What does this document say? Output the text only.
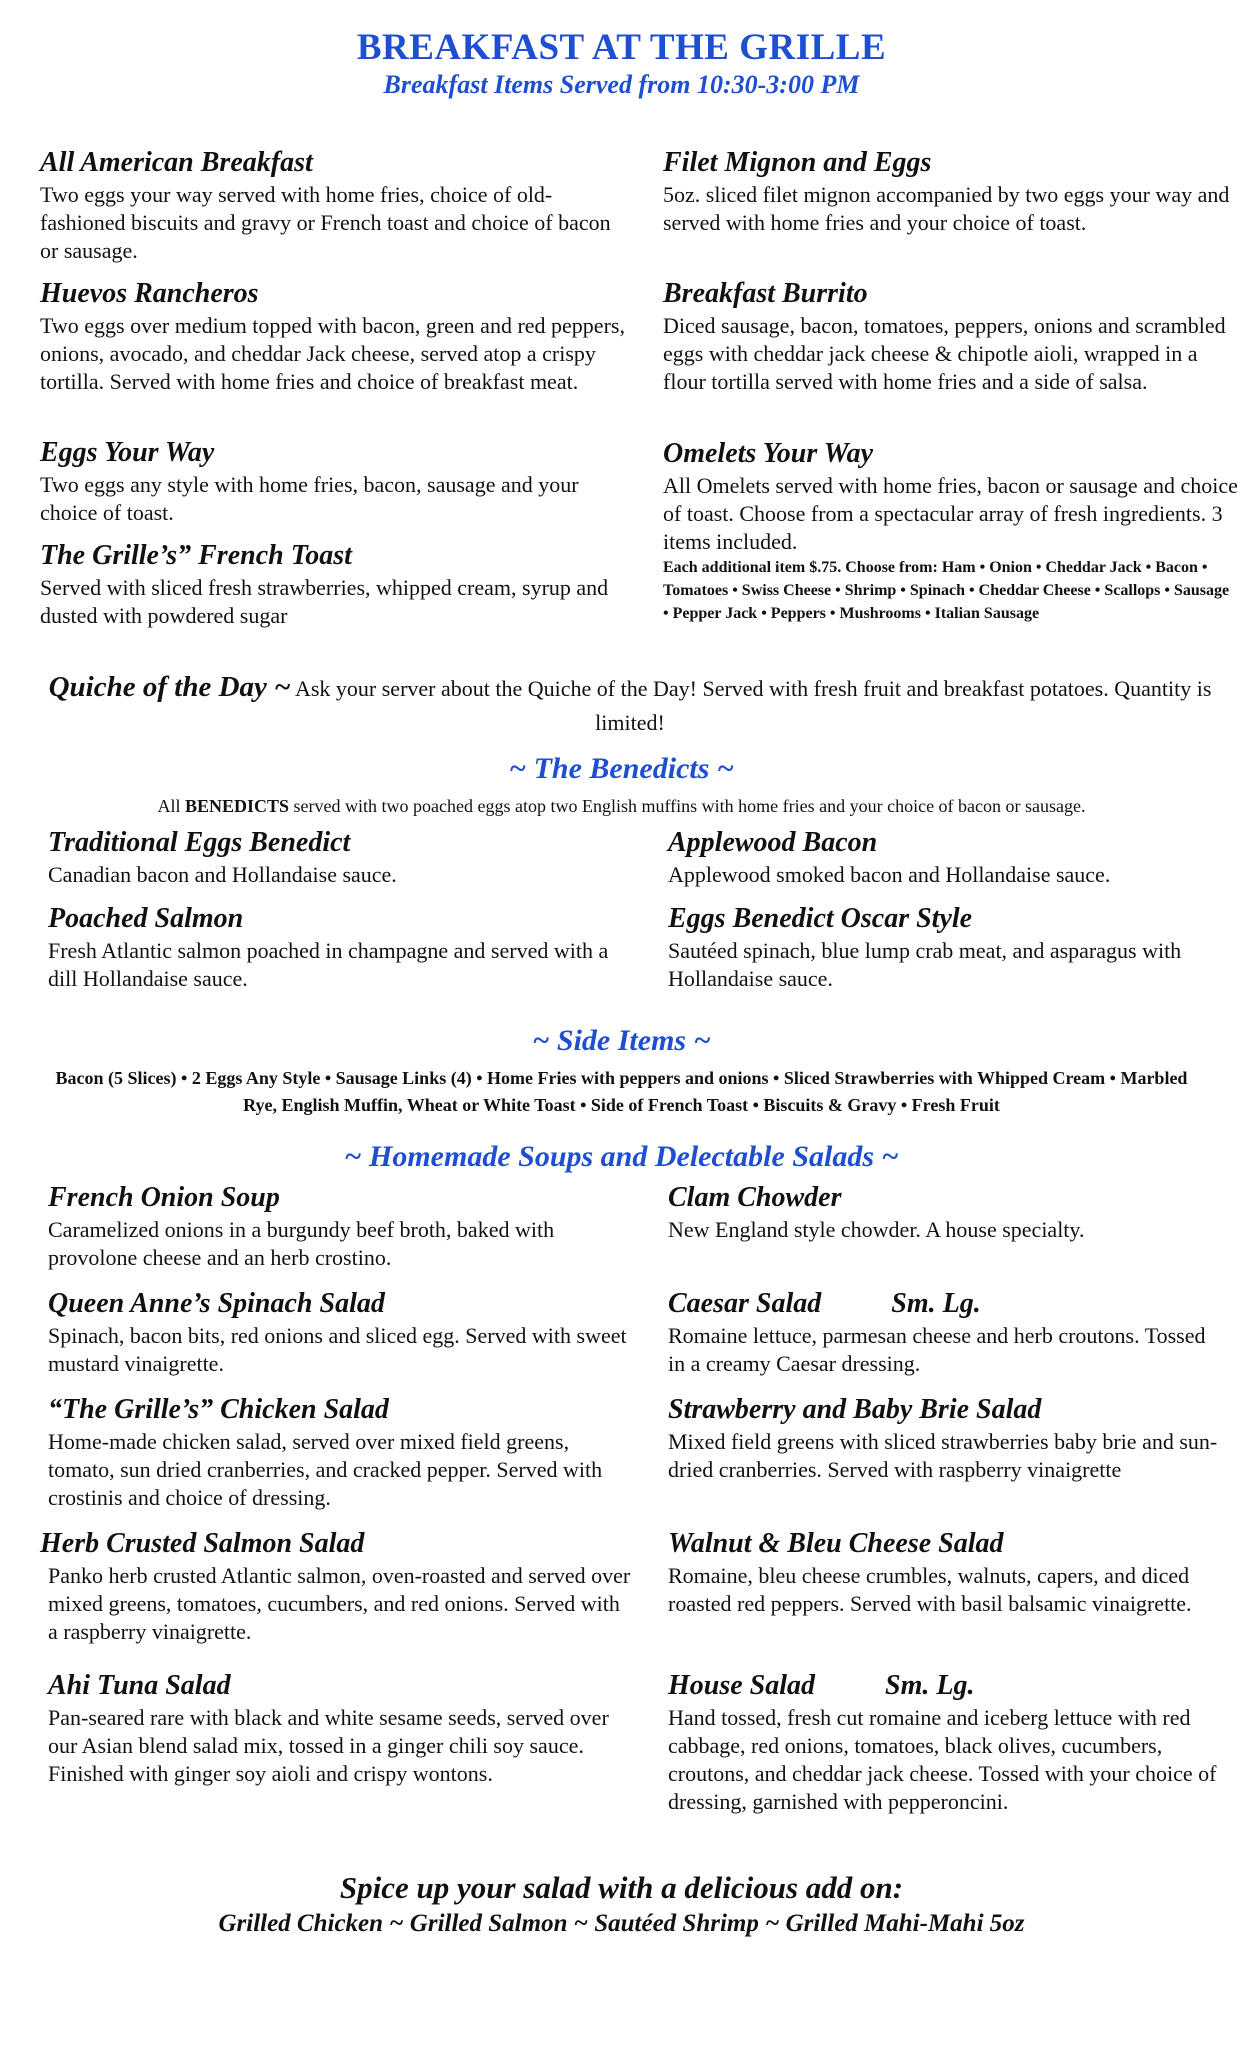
BREAKFAST AT THE GRILLE
Breakfast Items Served from 10:30-3:00 PM
All American Breakfast
Two eggs your way served with home fries, choice of old-fashioned biscuits and gravy or French toast and choice of bacon or sausage.
Huevos Rancheros
Two eggs over medium topped with bacon, green and red peppers, onions, avocado, and cheddar Jack cheese, served atop a crispy tortilla. Served with home fries and choice of breakfast meat.
Eggs Your Way
Two eggs any style with home fries, bacon, sausage and your choice of toast.
The Grille’s” French Toast
Served with sliced fresh strawberries, whipped cream, syrup and dusted with powdered sugar
Filet Mignon and Eggs
5oz. sliced filet mignon accompanied by two eggs your way and served with home fries and your choice of toast.
Breakfast Burrito
Diced sausage, bacon, tomatoes, peppers, onions and scrambled eggs with cheddar jack cheese & chipotle aioli, wrapped in a flour tortilla served with home fries and a side of salsa.
Omelets Your Way
All Omelets served with home fries, bacon or sausage and choice of toast. Choose from a spectacular array of fresh ingredients. 3 items included.
Each additional item $.75. Choose from: Ham • Onion • Cheddar Jack • Bacon • Tomatoes • Swiss Cheese • Shrimp • Spinach • Cheddar Cheese • Scallops • Sausage • Pepper Jack • Peppers • Mushrooms • Italian Sausage
Quiche of the Day ~ Ask your server about the Quiche of the Day! Served with fresh fruit and breakfast potatoes. Quantity is limited!
~ The Benedicts ~
All BENEDICTS served with two poached eggs atop two English muffins with home fries and your choice of bacon or sausage.
Traditional Eggs Benedict
Canadian bacon and Hollandaise sauce.
Poached Salmon
Fresh Atlantic salmon poached in champagne and served with a dill Hollandaise sauce.
Applewood Bacon
Applewood smoked bacon and Hollandaise sauce.
Eggs Benedict Oscar Style
Sautéed spinach, blue lump crab meat, and asparagus with Hollandaise sauce.
~ Side Items ~
Bacon (5 Slices) • 2 Eggs Any Style • Sausage Links (4) • Home Fries with peppers and onions • Sliced Strawberries with Whipped Cream • Marbled Rye, English Muffin, Wheat or White Toast • Side of French Toast • Biscuits & Gravy • Fresh Fruit
~ Homemade Soups and Delectable Salads ~
French Onion Soup
Caramelized onions in a burgundy beef broth, baked with provolone cheese and an herb crostino.
Queen Anne’s Spinach Salad
Spinach, bacon bits, red onions and sliced egg. Served with sweet mustard vinaigrette.
“The Grille’s” Chicken Salad
Home-made chicken salad, served over mixed field greens, tomato, sun dried cranberries, and cracked pepper. Served with crostinis and choice of dressing.
Herb Crusted Salmon Salad
Panko herb crusted Atlantic salmon, oven-roasted and served over mixed greens, tomatoes, cucumbers, and red onions. Served with a raspberry vinaigrette.
Ahi Tuna Salad
Pan-seared rare with black and white sesame seeds, served over our Asian blend salad mix, tossed in a ginger chili soy sauce. Finished with ginger soy aioli and crispy wontons.
Clam Chowder
New England style chowder. A house specialty.
Caesar Salad	Sm. Lg.
Romaine lettuce, parmesan cheese and herb croutons. Tossed in a creamy Caesar dressing.
Strawberry and Baby Brie Salad
Mixed field greens with sliced strawberries baby brie and sun-dried cranberries. Served with raspberry vinaigrette
Walnut & Bleu Cheese Salad
Romaine, bleu cheese crumbles, walnuts, capers, and diced roasted red peppers. Served with basil balsamic vinaigrette.
House Salad	Sm. Lg.
Hand tossed, fresh cut romaine and iceberg lettuce with red cabbage, red onions, tomatoes, black olives, cucumbers, croutons, and cheddar jack cheese. Tossed with your choice of dressing, garnished with pepperoncini.
Spice up your salad with a delicious add on:
Grilled Chicken ~ Grilled Salmon ~ Sautéed Shrimp ~ Grilled Mahi-Mahi 5oz
